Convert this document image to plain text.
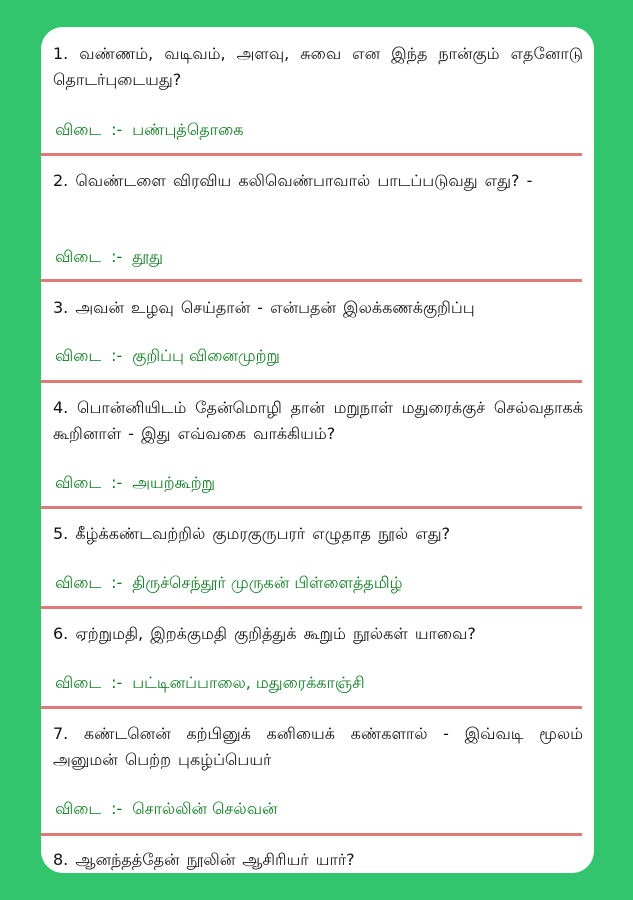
1. வண்ணம், வடிவம், அளவு, சுவை என இந்த நான்கும் எதனோடு தொடர்புடையது?

விடை :- பண்புத்தொகை

2. வெண்டளை விரவிய கலிவெண்பாவால் பாடப்படுவது எது? -

விடை :- தூது

3. அவன் உழவு செய்தான் - என்பதன் இலக்கணக்குறிப்பு

விடை :- குறிப்பு வினைமுற்று

4. பொன்னியிடம் தேன்மொழி தான் மறுநாள் மதுரைக்குச் செல்வதாகக் கூறினாள் - இது எவ்வகை வாக்கியம்?

விடை :- அயற்கூற்று

5. கீழ்க்கண்டவற்றில் குமரகுருபரர் எழுதாத நூல் எது?

விடை :- திருச்செந்தூர் முருகன் பிள்ளைத்தமிழ்

6. ஏற்றுமதி, இறக்குமதி குறித்துக் கூறும் நூல்கள் யாவை?

விடை :- பட்டினப்பாலை, மதுரைக்காஞ்சி

7. கண்டனென் கற்பினுக் கனியைக் கண்களால் - இவ்வடி மூலம் அனுமன் பெற்ற புகழ்ப்பெயர்

விடை :- சொல்லின் செல்வன்

8. ஆனந்தத்தேன் நூலின் ஆசிரியர் யார்?
